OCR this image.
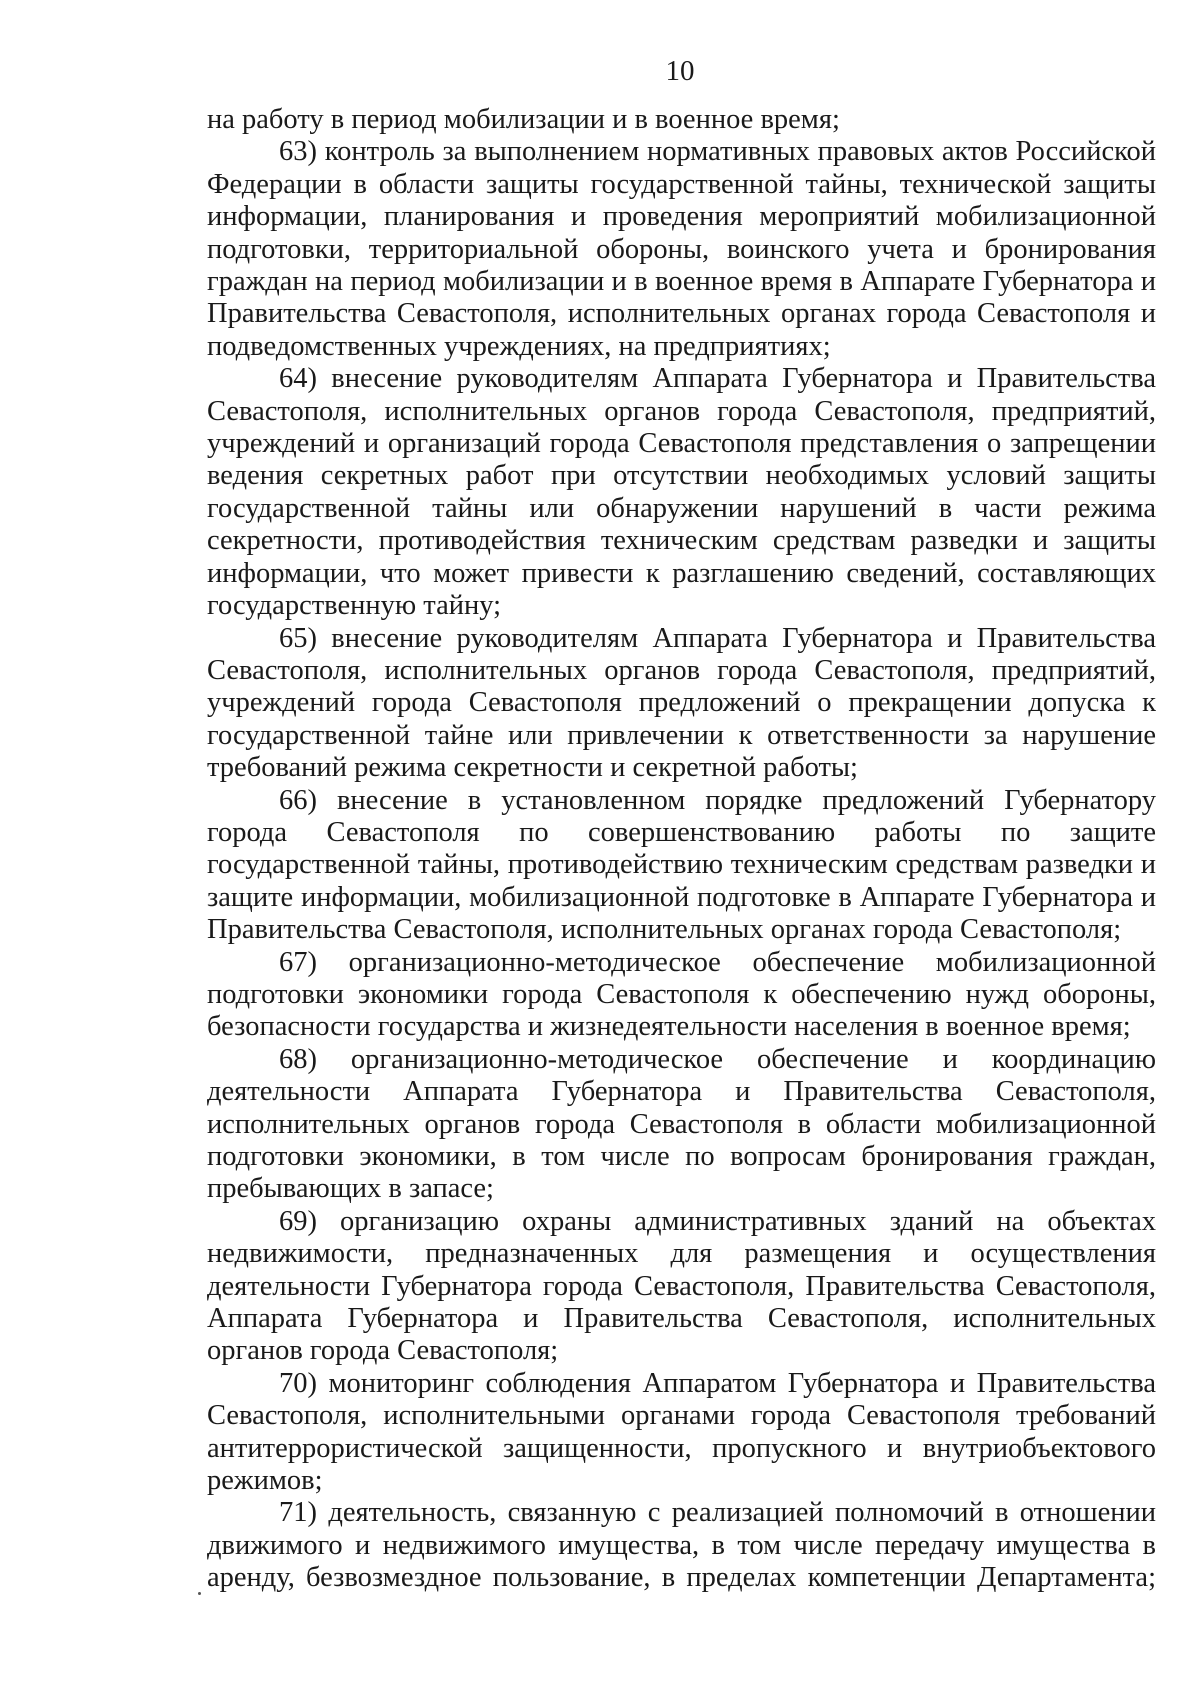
10

на работу в период мобилизации и в военное время;

63) контроль за выполнением нормативных правовых актов Российской Федерации в области защиты государственной тайны, технической защиты информации, планирования и проведения мероприятий мобилизационной подготовки, территориальной обороны, воинского учета и бронирования граждан на период мобилизации и в военное время в Аппарате Губернатора и Правительства Севастополя, исполнительных органах города Севастополя и подведомственных учреждениях, на предприятиях;

64) внесение руководителям Аппарата Губернатора и Правительства Севастополя, исполнительных органов города Севастополя, предприятий, учреждений и организаций города Севастополя представления о запрещении ведения секретных работ при отсутствии необходимых условий защиты государственной тайны или обнаружении нарушений в части режима секретности, противодействия техническим средствам разведки и защиты информации, что может привести к разглашению сведений, составляющих государственную тайну;

65) внесение руководителям Аппарата Губернатора и Правительства Севастополя, исполнительных органов города Севастополя, предприятий, учреждений города Севастополя предложений о прекращении допуска к государственной тайне или привлечении к ответственности за нарушение требований режима секретности и секретной работы;

66) внесение в установленном порядке предложений Губернатору города Севастополя по совершенствованию работы по защите государственной тайны, противодействию техническим средствам разведки и защите информации, мобилизационной подготовке в Аппарате Губернатора и Правительства Севастополя, исполнительных органах города Севастополя;

67) организационно-методическое обеспечение мобилизационной подготовки экономики города Севастополя к обеспечению нужд обороны, безопасности государства и жизнедеятельности населения в военное время;

68) организационно-методическое обеспечение и координацию деятельности Аппарата Губернатора и Правительства Севастополя, исполнительных органов города Севастополя в области мобилизационной подготовки экономики, в том числе по вопросам бронирования граждан, пребывающих в запасе;

69) организацию охраны административных зданий на объектах недвижимости, предназначенных для размещения и осуществления деятельности Губернатора города Севастополя, Правительства Севастополя, Аппарата Губернатора и Правительства Севастополя, исполнительных органов города Севастополя;

70) мониторинг соблюдения Аппаратом Губернатора и Правительства Севастополя, исполнительными органами города Севастополя требований антитеррористической защищенности, пропускного и внутриобъектового режимов;

71) деятельность, связанную с реализацией полномочий в отношении движимого и недвижимого имущества, в том числе передачу имущества в аренду, безвозмездное пользование, в пределах компетенции Департамента;
